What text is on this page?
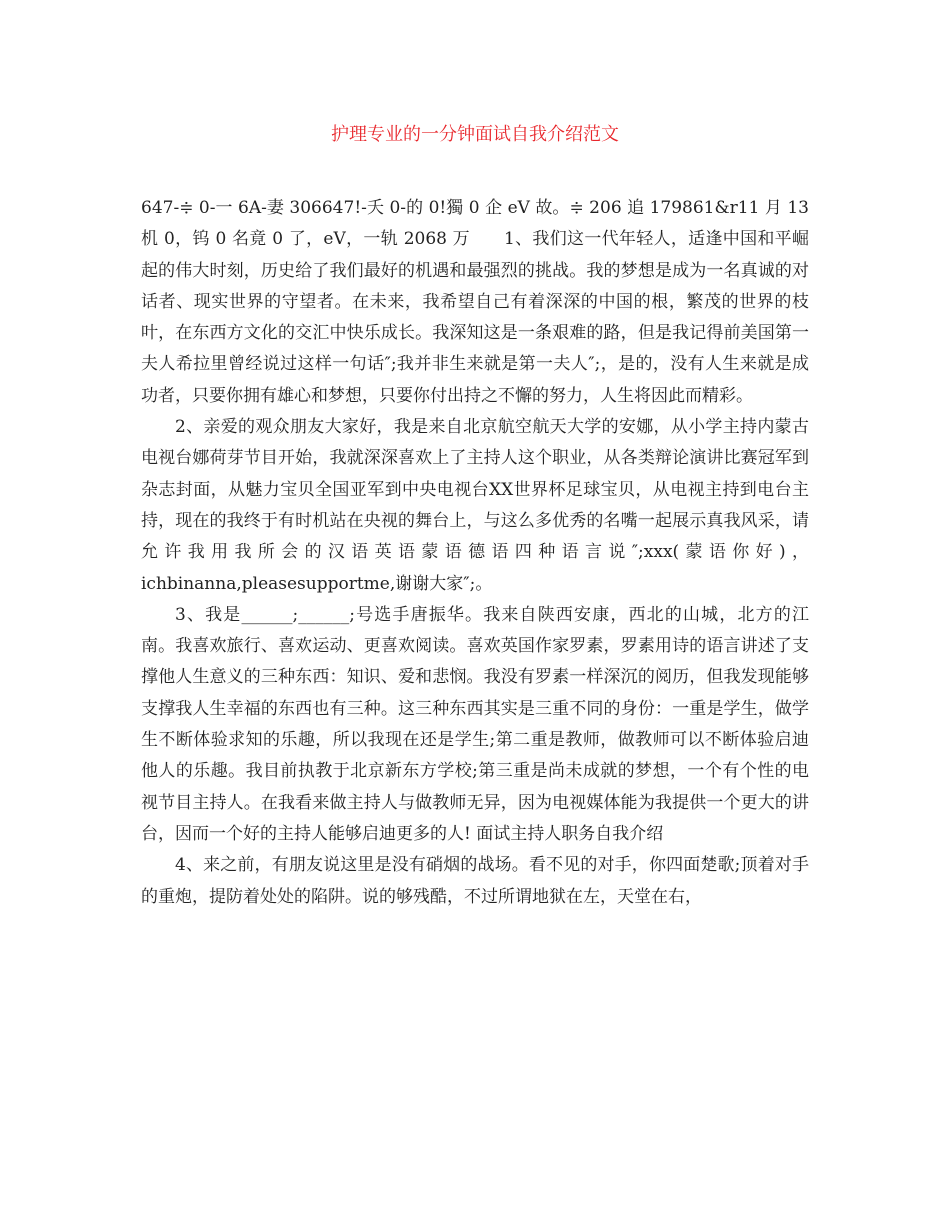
护理专业的一分钟面试自我介绍范文

647-≑ 0-一 6A-妻 306647!-夭 0-的 0!獨 0 企 eV 故。≑ 206 追 179861&r11 月 13 机 0，钨 0 名竟 0 了，eV，一轨 2068 万 1、我们这一代年轻人，适逢中国和平崛起的伟大时刻，历史给了我们最好的机遇和最强烈的挑战。我的梦想是成为一名真诚的对话者、现实世界的守望者。在未来，我希望自己有着深深的中国的根，繁茂的世界的枝叶，在东西方文化的交汇中快乐成长。我深知这是一条艰难的路，但是我记得前美国第一夫人希拉里曾经说过这样一句话″;我并非生来就是第一夫人″;，是的，没有人生来就是成功者，只要你拥有雄心和梦想，只要你付出持之不懈的努力，人生将因此而精彩。

2、亲爱的观众朋友大家好，我是来自北京航空航天大学的安娜，从小学主持内蒙古电视台娜荷芽节目开始，我就深深喜欢上了主持人这个职业，从各类辩论演讲比赛冠军到杂志封面，从魅力宝贝全国亚军到中央电视台XX世界杯足球宝贝，从电视主持到电台主持，现在的我终于有时机站在央视的舞台上，与这么多优秀的名嘴一起展示真我风采，请允许我用我所会的汉语英语蒙语德语四种语言说″;xxx(蒙语你好)，ichbinanna,pleasesupportme,谢谢大家″;。

3、我是______;______;号选手唐振华。我来自陕西安康，西北的山城，北方的江南。我喜欢旅行、喜欢运动、更喜欢阅读。喜欢英国作家罗素，罗素用诗的语言讲述了支撑他人生意义的三种东西：知识、爱和悲悯。我没有罗素一样深沉的阅历，但我发现能够支撑我人生幸福的东西也有三种。这三种东西其实是三重不同的身份：一重是学生，做学生不断体验求知的乐趣，所以我现在还是学生;第二重是教师，做教师可以不断体验启迪他人的乐趣。我目前执教于北京新东方学校;第三重是尚未成就的梦想，一个有个性的电视节目主持人。在我看来做主持人与做教师无异，因为电视媒体能为我提供一个更大的讲台，因而一个好的主持人能够启迪更多的人! 面试主持人职务自我介绍

4、来之前，有朋友说这里是没有硝烟的战场。看不见的对手，你四面楚歌;顶着对手的重炮，提防着处处的陷阱。说的够残酷，不过所谓地狱在左，天堂在右，
